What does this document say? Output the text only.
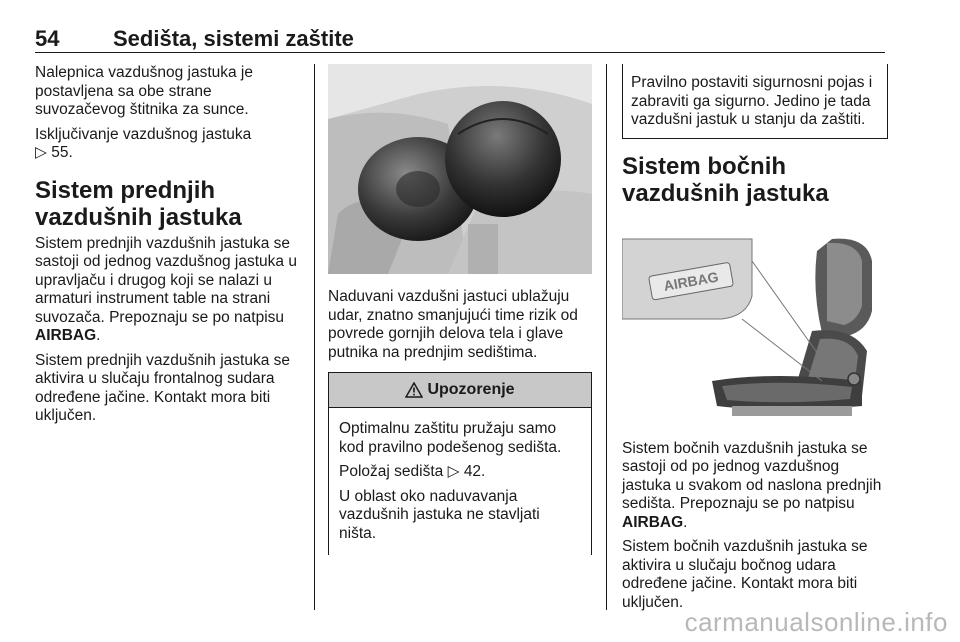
54 Sedišta, sistemi zaštite

Nalepnica vazdušnog jastuka je postavljena sa obe strane suvozačevog štitnika za sunce.

Isključivanje vazdušnog jastuka
▷ 55.

Sistem prednjih vazdušnih jastuka

Sistem prednjih vazdušnih jastuka se sastoji od jednog vazdušnog jastuka u upravljaču i drugog koji se nalazi u armaturi instrument table na strani suvozača. Prepoznaju se po natpisu AIRBAG.

Sistem prednjih vazdušnih jastuka se aktivira u slučaju frontalnog sudara određene jačine. Kontakt mora biti uključen.

Naduvani vazdušni jastuci ublažuju udar, znatno smanjujući time rizik od povrede gornjih delova tela i glave putnika na prednjim sedištima.

Upozorenje

Optimalnu zaštitu pružaju samo kod pravilno podešenog sedišta.

Položaj sedišta ▷ 42.

U oblast oko naduvavanja vazdušnih jastuka ne stavljati ništa.

Pravilno postaviti sigurnosni pojas i zabraviti ga sigurno. Jedino je tada vazdušni jastuk u stanju da zaštiti.

Sistem bočnih vazdušnih jastuka
AIRBAG

Sistem bočnih vazdušnih jastuka se sastoji od po jednog vazdušnog jastuka u svakom od naslona prednjih sedišta. Prepoznaju se po natpisu AIRBAG.

Sistem bočnih vazdušnih jastuka se aktivira u slučaju bočnog udara određene jačine. Kontakt mora biti uključen.

carmanualsonline.info
